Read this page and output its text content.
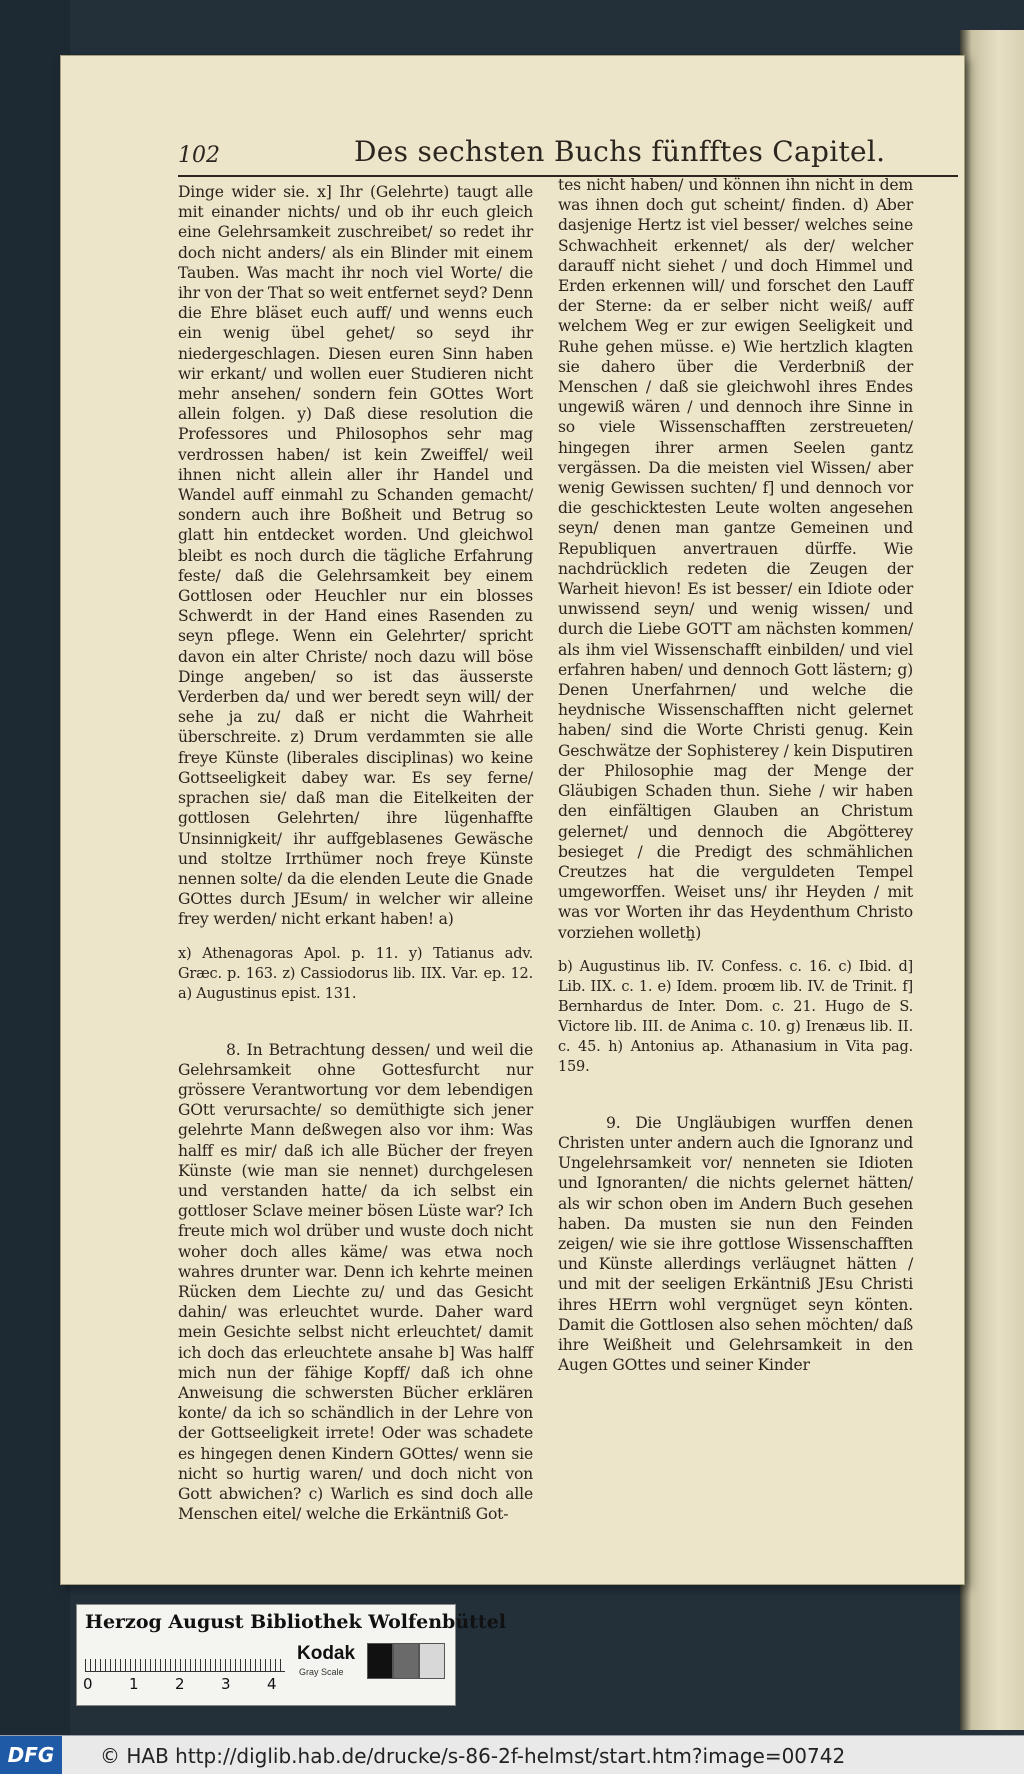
102	Des sechsten Buchs fünfftes Capitel.

Dinge wider sie. x] Ihr (Gelehrte) taugt alle mit einander nichts/ und ob ihr euch gleich eine Gelehrsamkeit zuschreibet/ so redet ihr doch nicht anders/ als ein Blinder mit einem Tauben. Was macht ihr noch viel Worte/ die ihr von der That so weit entfernet seyd? Denn die Ehre bläset euch auff/ und wenns euch ein wenig übel gehet/ so seyd ihr niedergeschlagen. Diesen euren Sinn haben wir erkant/ und wollen euer Studieren nicht mehr ansehen/ sondern fein GOttes Wort allein folgen. y) Daß diese resolution die Professores und Philosophos sehr mag verdrossen haben/ ist kein Zweiffel/ weil ihnen nicht allein aller ihr Handel und Wandel auff einmahl zu Schanden gemacht/ sondern auch ihre Boßheit und Betrug so glatt hin entdecket worden. Und gleichwol bleibt es noch durch die tägliche Erfahrung feste/ daß die Gelehrsamkeit bey einem Gottlosen oder Heuchler nur ein blosses Schwerdt in der Hand eines Rasenden zu seyn pflege. Wenn ein Gelehrter/ spricht davon ein alter Christe/ noch dazu will böse Dinge angeben/ so ist das äusserste Verderben da/ und wer beredt seyn will/ der sehe ja zu/ daß er nicht die Wahrheit überschreite. z) Drum verdammten sie alle freye Künste (liberales disciplinas) wo keine Gottseeligkeit dabey war. Es sey ferne/ sprachen sie/ daß man die Eitelkeiten der gottlosen Gelehrten/ ihre lügenhaffte Unsinnigkeit/ ihr auffgeblasenes Gewäsche und stoltze Irrthümer noch freye Künste nennen solte/ da die elenden Leute die Gnade GOttes durch JEsum/ in welcher wir alleine frey werden/ nicht erkant haben! a)

x) Athenagoras Apol. p. 11. y) Tatianus adv. Græc. p. 163. z) Cassiodorus lib. IIX. Var. ep. 12. a) Augustinus epist. 131.

8. In Betrachtung dessen/ und weil die Gelehrsamkeit ohne Gottesfurcht nur grössere Verantwortung vor dem lebendigen GOtt verursachte/ so demüthigte sich jener gelehrte Mann deßwegen also vor ihm: Was halff es mir/ daß ich alle Bücher der freyen Künste (wie man sie nennet) durchgelesen und verstanden hatte/ da ich selbst ein gottloser Sclave meiner bösen Lüste war? Ich freute mich wol drüber und wuste doch nicht woher doch alles käme/ was etwa noch wahres drunter war. Denn ich kehrte meinen Rücken dem Liechte zu/ und das Gesicht dahin/ was erleuchtet wurde. Daher ward mein Gesichte selbst nicht erleuchtet/ damit ich doch das erleuchtete ansahe b] Was halff mich nun der fähige Kopff/ daß ich ohne Anweisung die schwersten Bücher erklären konte/ da ich so schändlich in der Lehre von der Gottseeligkeit irrete! Oder was schadete es hingegen denen Kindern GOttes/ wenn sie nicht so hurtig waren/ und doch nicht von Gott abwichen? c) Warlich es sind doch alle Menschen eitel/ welche die Erkäntniß Got-

tes nicht haben/ und können ihn nicht in dem was ihnen doch gut scheint/ finden. d) Aber dasjenige Hertz ist viel besser/ welches seine Schwachheit erkennet/ als der/ welcher darauff nicht siehet / und doch Himmel und Erden erkennen will/ und forschet den Lauff der Sterne: da er selber nicht weiß/ auff welchem Weg er zur ewigen Seeligkeit und Ruhe gehen müsse. e) Wie hertzlich klagten sie dahero über die Verderbniß der Menschen / daß sie gleichwohl ihres Endes ungewiß wären / und dennoch ihre Sinne in so viele Wissenschafften zerstreueten/ hingegen ihrer armen Seelen gantz vergässen. Da die meisten viel Wissen/ aber wenig Gewissen suchten/ f] und dennoch vor die geschicktesten Leute wolten angesehen seyn/ denen man gantze Gemeinen und Republiquen anvertrauen dürffe. Wie nachdrücklich redeten die Zeugen der Warheit hievon! Es ist besser/ ein Idiote oder unwissend seyn/ und wenig wissen/ und durch die Liebe GOTT am nächsten kommen/ als ihm viel Wissenschafft einbilden/ und viel erfahren haben/ und dennoch Gott lästern; g) Denen Unerfahrnen/ und welche die heydnische Wissenschafften nicht gelernet haben/ sind die Worte Christi genug. Kein Geschwätze der Sophisterey / kein Disputiren der Philosophie mag der Menge der Gläubigen Schaden thun. Siehe / wir haben den einfältigen Glauben an Christum gelernet/ und dennoch die Abgötterey besieget / die Predigt des schmählichen Creutzes hat die verguldeten Tempel umgeworffen. Weiset uns/ ihr Heyden / mit was vor Worten ihr das Heydenthum Christo vorziehen wolletẖ)

b) Augustinus lib. IV. Confess. c. 16. c) Ibid. d] Lib. IIX. c. 1. e) Idem. proœm lib. IV. de Trinit. f] Bernhardus de Inter. Dom. c. 21. Hugo de S. Victore lib. III. de Anima c. 10. g) Irenæus lib. II. c. 45. h) Antonius ap. Athanasium in Vita pag. 159.

9. Die Ungläubigen wurffen denen Christen unter andern auch die Ignoranz und Ungelehrsamkeit vor/ nenneten sie Idioten und Ignoranten/ die nichts gelernet hätten/ als wir schon oben im Andern Buch gesehen haben. Da musten sie nun den Feinden zeigen/ wie sie ihre gottlose Wissenschafften und Künste allerdings verläugnet hätten / und mit der seeligen Erkäntniß JEsu Christi ihres HErrn wohl vergnüget seyn könten. Damit die Gottlosen also sehen möchten/ daß ihre Weißheit und Gelehrsamkeit in den Augen GOttes und seiner Kinder

Herzog August Bibliothek Wolfenbüttel
0 1 2 3 4
Kodak
Gray Scale
DFG	© HAB http://diglib.hab.de/drucke/s-86-2f-helmst/start.htm?image=00742
